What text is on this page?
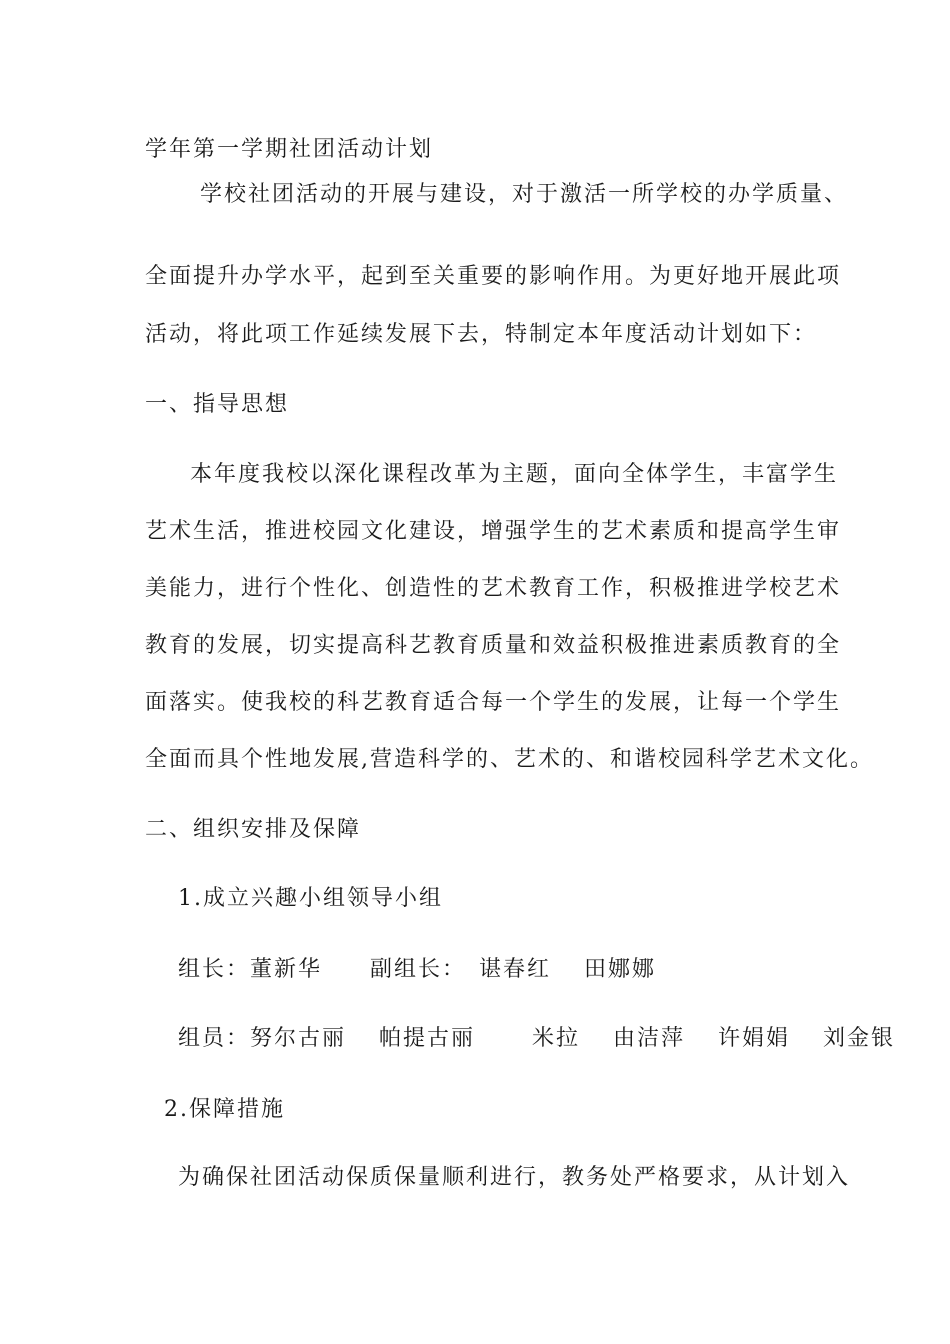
学年第一学期社团活动计划
学校社团活动的开展与建设，对于激活一所学校的办学质量、
全面提升办学水平，起到至关重要的影响作用。为更好地开展此项
活动，将此项工作延续发展下去，特制定本年度活动计划如下：
一、指导思想
本年度我校以深化课程改革为主题，面向全体学生，丰富学生
艺术生活，推进校园文化建设，增强学生的艺术素质和提高学生审
美能力，进行个性化、创造性的艺术教育工作，积极推进学校艺术
教育的发展，切实提高科艺教育质量和效益积极推进素质教育的全
面落实。使我校的科艺教育适合每一个学生的发展，让每一个学生
全面而具个性地发展,营造科学的、艺术的、和谐校园科学艺术文化。
二、组织安排及保障
1.成立兴趣小组领导小组
组长：董新华　　副组长：　谌春红　 田娜娜
组员：努尔古丽　 帕提古丽　　 米拉　 由洁萍　 许娟娟　 刘金银
2.保障措施
为确保社团活动保质保量顺利进行，教务处严格要求，从计划入
